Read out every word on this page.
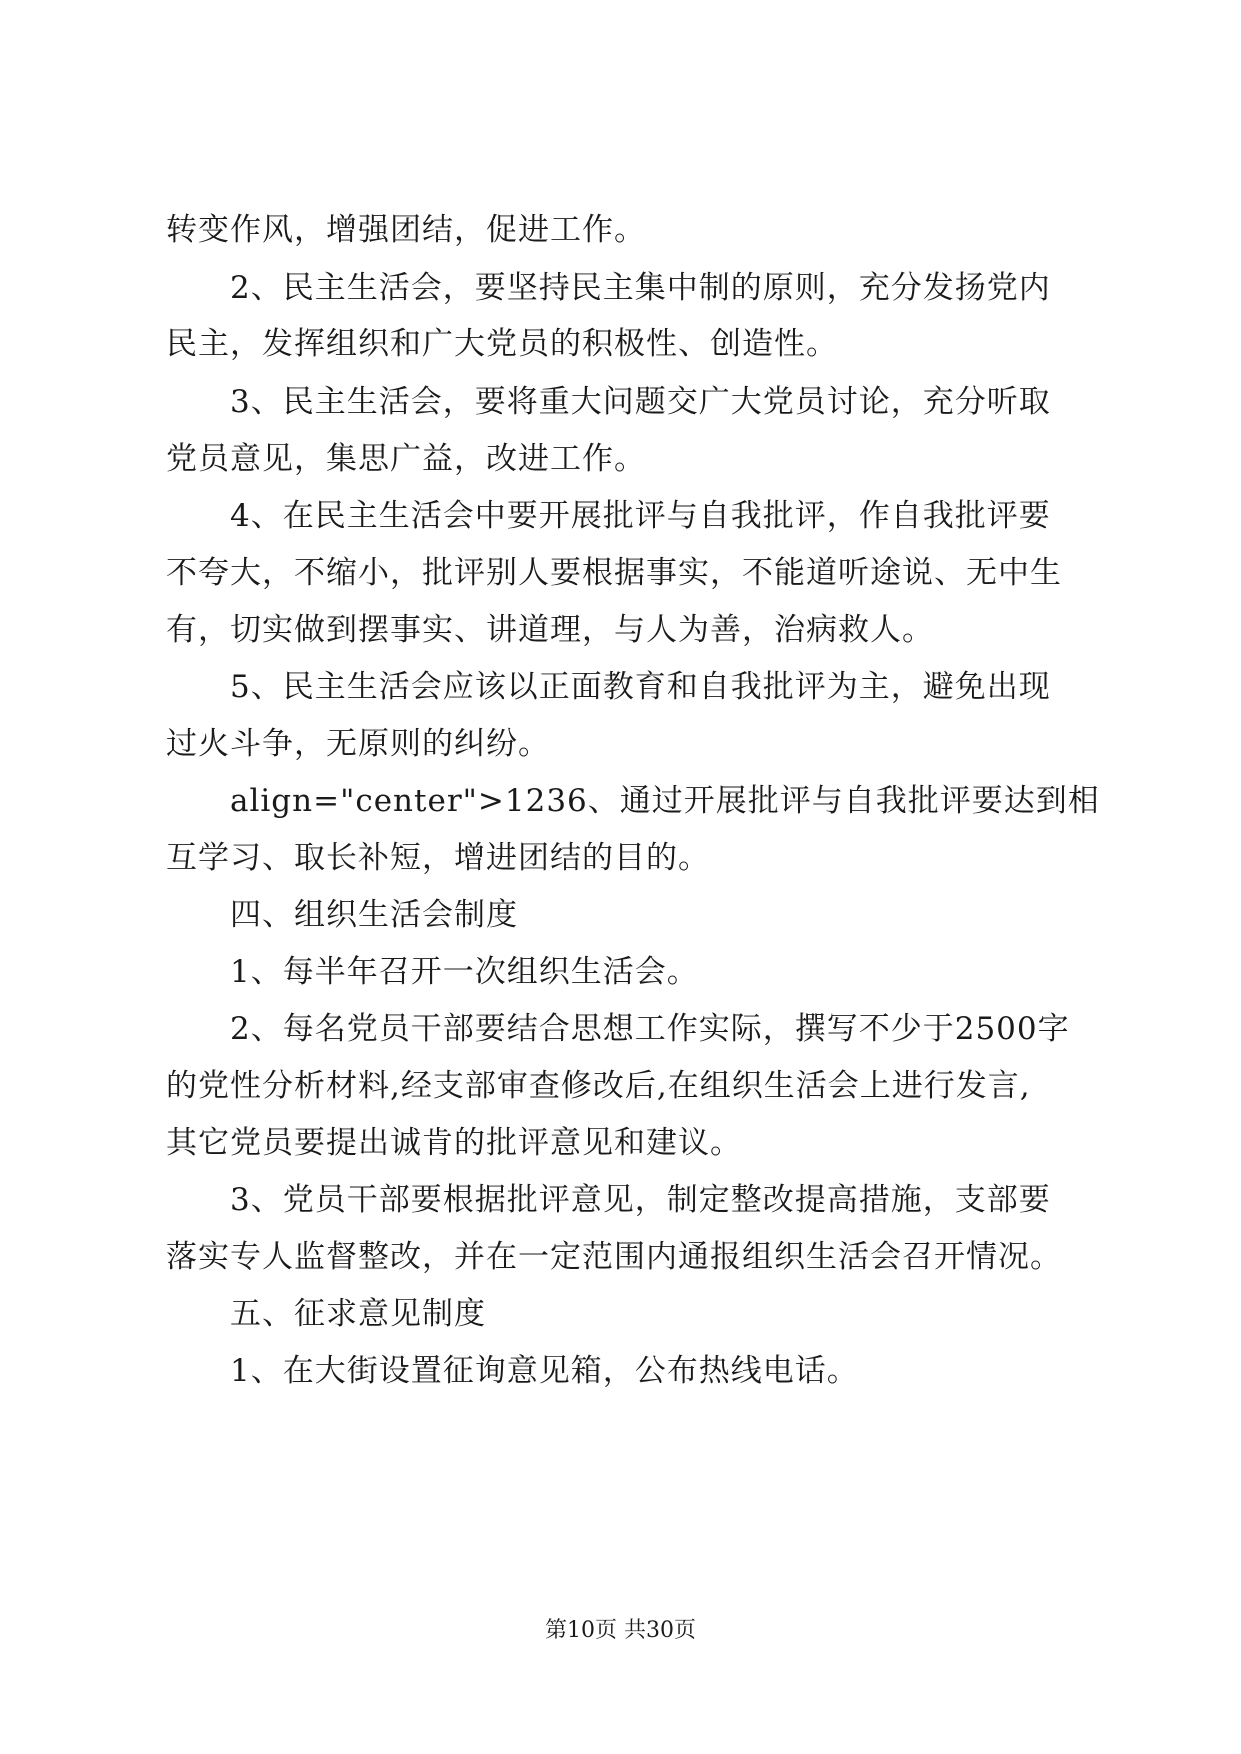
转变作风，增强团结，促进工作。
2、民主生活会，要坚持民主集中制的原则，充分发扬党内
民主，发挥组织和广大党员的积极性、创造性。
3、民主生活会，要将重大问题交广大党员讨论，充分听取
党员意见，集思广益，改进工作。
4、在民主生活会中要开展批评与自我批评，作自我批评要
不夸大，不缩小，批评别人要根据事实，不能道听途说、无中生
有，切实做到摆事实、讲道理，与人为善，治病救人。
5、民主生活会应该以正面教育和自我批评为主，避免出现
过火斗争，无原则的纠纷。
align="center">1236、通过开展批评与自我批评要达到相
互学习、取长补短，增进团结的目的。
四、组织生活会制度
1、每半年召开一次组织生活会。
2、每名党员干部要结合思想工作实际，撰写不少于2500字
的党性分析材料,经支部审查修改后,在组织生活会上进行发言,
其它党员要提出诚肯的批评意见和建议。
3、党员干部要根据批评意见，制定整改提高措施，支部要
落实专人监督整改，并在一定范围内通报组织生活会召开情况。
五、征求意见制度
1、在大街设置征询意见箱，公布热线电话。
第10页 共30页
